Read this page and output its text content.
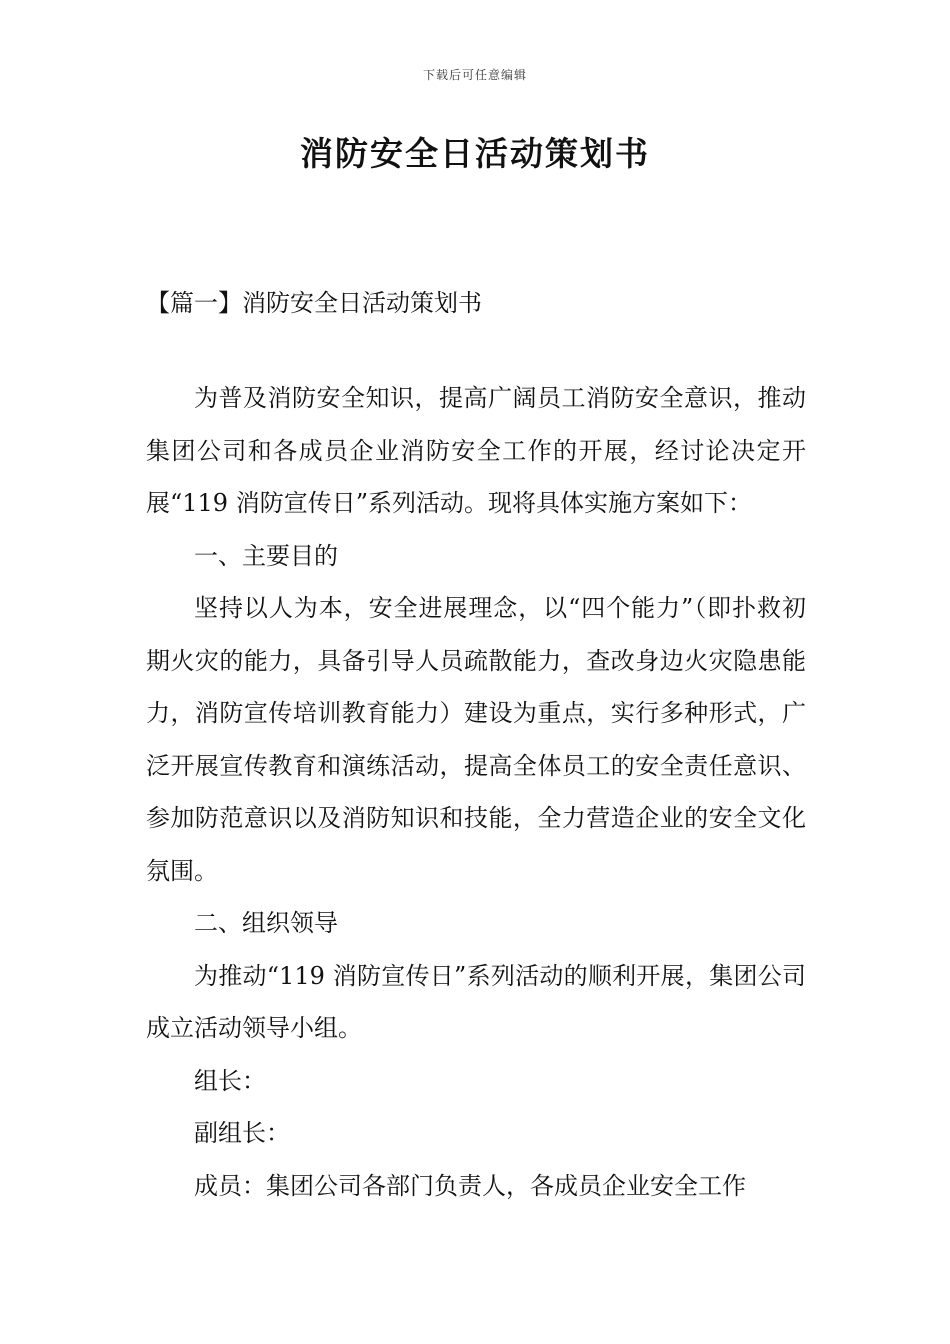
下载后可任意编辑
消防安全日活动策划书
【篇一】消防安全日活动策划书

为普及消防安全知识，提高广阔员工消防安全意识，推动集团公司和各成员企业消防安全工作的开展，经讨论决定开展“119 消防宣传日”系列活动。现将具体实施方案如下：

一、主要目的

坚持以人为本，安全进展理念，以“四个能力”（即扑救初期火灾的能力，具备引导人员疏散能力，查改身边火灾隐患能力，消防宣传培训教育能力）建设为重点，实行多种形式，广泛开展宣传教育和演练活动，提高全体员工的安全责任意识、参加防范意识以及消防知识和技能，全力营造企业的安全文化氛围。

二、组织领导

为推动“119 消防宣传日”系列活动的顺利开展，集团公司成立活动领导小组。

组长：

副组长：

成员：集团公司各部门负责人，各成员企业安全工作
